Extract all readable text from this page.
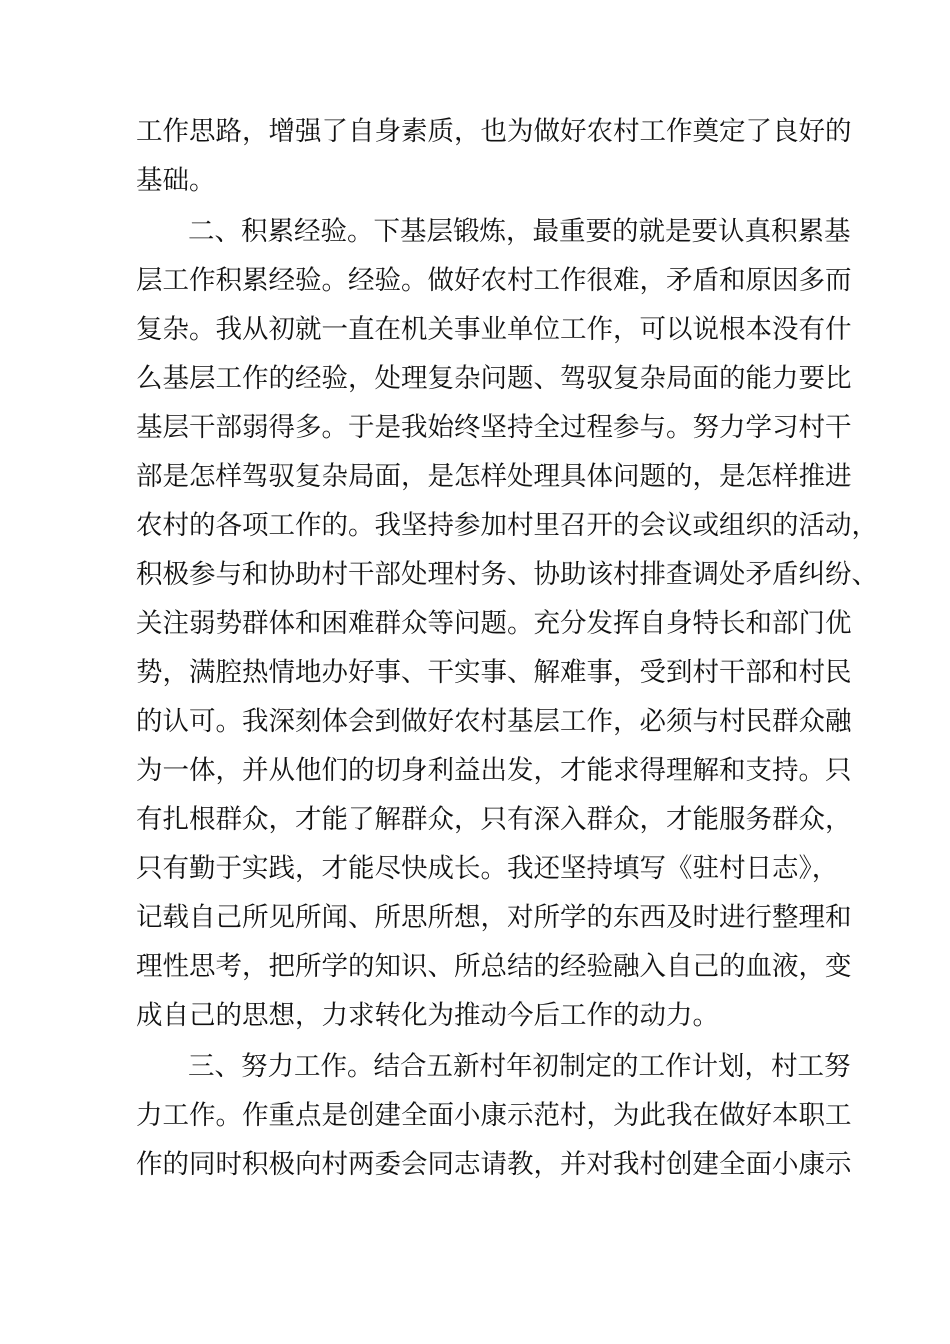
工作思路，增强了自身素质，也为做好农村工作奠定了良好的
基础。
二、积累经验。下基层锻炼，最重要的就是要认真积累基
层工作积累经验。经验。做好农村工作很难，矛盾和原因多而
复杂。我从初就一直在机关事业单位工作，可以说根本没有什
么基层工作的经验，处理复杂问题、驾驭复杂局面的能力要比
基层干部弱得多。于是我始终坚持全过程参与。努力学习村干
部是怎样驾驭复杂局面，是怎样处理具体问题的，是怎样推进
农村的各项工作的。我坚持参加村里召开的会议或组织的活动，
积极参与和协助村干部处理村务、协助该村排查调处矛盾纠纷、
关注弱势群体和困难群众等问题。充分发挥自身特长和部门优
势，满腔热情地办好事、干实事、解难事，受到村干部和村民
的认可。我深刻体会到做好农村基层工作，必须与村民群众融
为一体，并从他们的切身利益出发，才能求得理解和支持。只
有扎根群众，才能了解群众，只有深入群众，才能服务群众，
只有勤于实践，才能尽快成长。我还坚持填写《驻村日志》，
记载自己所见所闻、所思所想，对所学的东西及时进行整理和
理性思考，把所学的知识、所总结的经验融入自己的血液，变
成自己的思想，力求转化为推动今后工作的动力。
三、努力工作。结合五新村年初制定的工作计划，村工努
力工作。作重点是创建全面小康示范村，为此我在做好本职工
作的同时积极向村两委会同志请教，并对我村创建全面小康示
